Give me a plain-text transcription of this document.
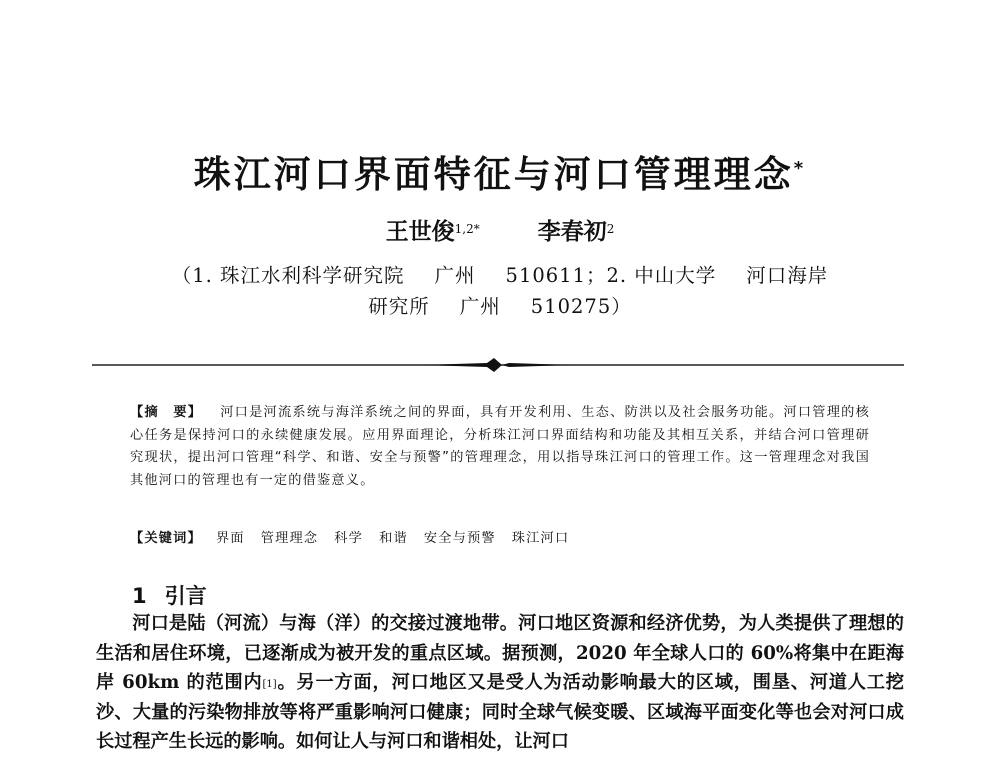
珠江河口界面特征与河口管理理念*
王世俊$^{1,2*}$	李春初$^2$
（1. 珠江水利科学研究院 广州 510611；2. 中山大学 河口海岸
研究所 广州 510275）
【摘　要】 河口是河流系统与海洋系统之间的界面，具有开发利用、生态、防洪以及社会服务功能。河口管理的核心任务是保持河口的永续健康发展。应用界面理论，分析珠江河口界面结构和功能及其相互关系，并结合河口管理研究现状，提出河口管理“科学、和谐、安全与预警”的管理理念，用以指导珠江河口的管理工作。这一管理理念对我国其他河口的管理也有一定的借鉴意义。
【关键词】 界面 管理理念 科学 和谐 安全与预警 珠江河口
1 引言
河口是陆（河流）与海（洋）的交接过渡地带。河口地区资源和经济优势，为人类提供了理想的生活和居住环境，已逐渐成为被开发的重点区域。据预测，2020 年全球人口的 60%将集中在距海岸 60km 的范围内[1]。另一方面，河口地区又是受人为活动影响最大的区域，围垦、河道人工挖沙、大量的污染物排放等将严重影响河口健康；同时全球气候变暖、区域海平面变化等也会对河口成长过程产生长远的影响。如何让人与河口和谐相处，让河口
